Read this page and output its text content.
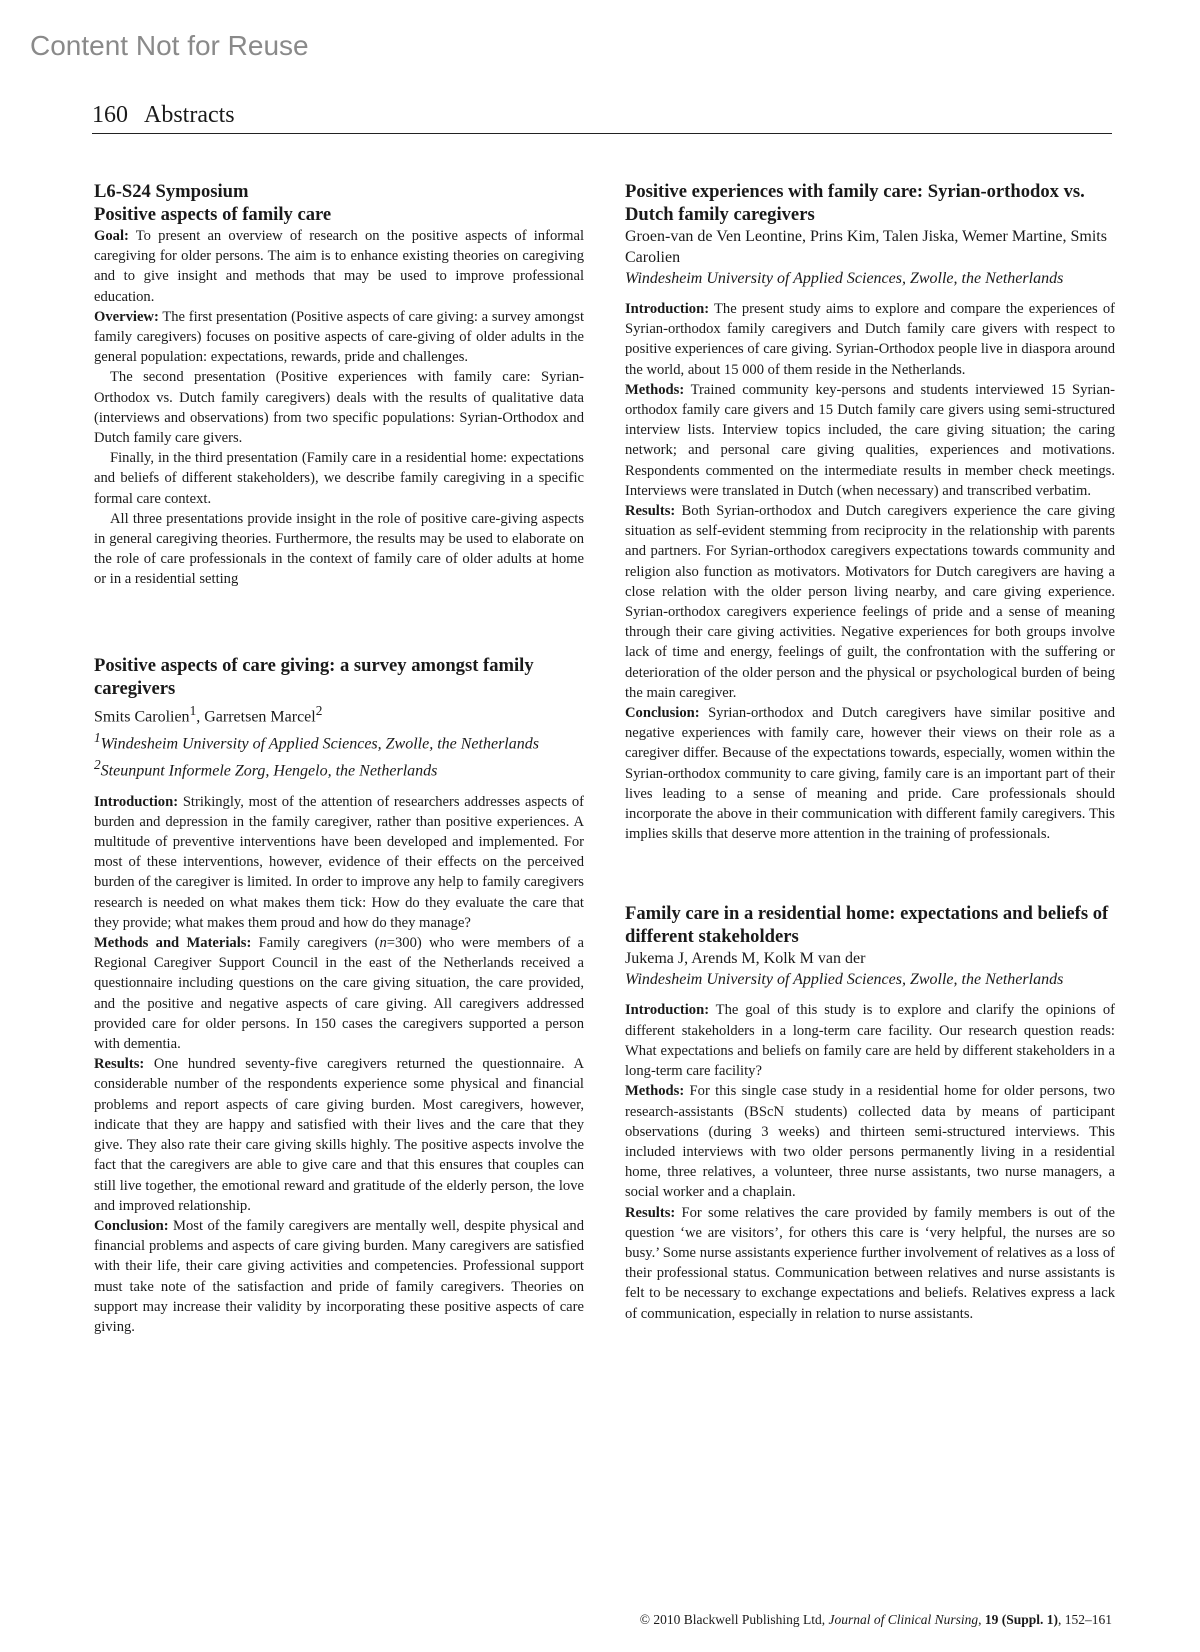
Content Not for Reuse
160 Abstracts

L6-S24 Symposium

Positive aspects of family care

Goal: To present an overview of research on the positive aspects of informal caregiving for older persons. The aim is to enhance existing theories on caregiving and to give insight and methods that may be used to improve professional education.

Overview: The first presentation (Positive aspects of care giving: a survey amongst family caregivers) focuses on positive aspects of care-giving of older adults in the general population: expectations, rewards, pride and challenges.

The second presentation (Positive experiences with family care: Syrian-Orthodox vs. Dutch family caregivers) deals with the results of qualitative data (interviews and observations) from two specific populations: Syrian-Orthodox and Dutch family care givers.

Finally, in the third presentation (Family care in a residential home: expectations and beliefs of different stakeholders), we describe family caregiving in a specific formal care context.

All three presentations provide insight in the role of positive care-giving aspects in general caregiving theories. Furthermore, the results may be used to elaborate on the role of care professionals in the context of family care of older adults at home or in a residential setting

Positive aspects of care giving: a survey amongst family caregivers

Smits Carolien$^1$, Garretsen Marcel$^2$

$^1$Windesheim University of Applied Sciences, Zwolle, the Netherlands

$^2$Steunpunt Informele Zorg, Hengelo, the Netherlands

Introduction: Strikingly, most of the attention of researchers addresses aspects of burden and depression in the family caregiver, rather than positive experiences. A multitude of preventive interventions have been developed and implemented. For most of these interventions, however, evidence of their effects on the perceived burden of the caregiver is limited. In order to improve any help to family caregivers research is needed on what makes them tick: How do they evaluate the care that they provide; what makes them proud and how do they manage?

Methods and Materials: Family caregivers (n=300) who were members of a Regional Caregiver Support Council in the east of the Netherlands received a questionnaire including questions on the care giving situation, the care provided, and the positive and negative aspects of care giving. All caregivers addressed provided care for older persons. In 150 cases the caregivers supported a person with dementia.

Results: One hundred seventy-five caregivers returned the questionnaire. A considerable number of the respondents experience some physical and financial problems and report aspects of care giving burden. Most caregivers, however, indicate that they are happy and satisfied with their lives and the care that they give. They also rate their care giving skills highly. The positive aspects involve the fact that the caregivers are able to give care and that this ensures that couples can still live together, the emotional reward and gratitude of the elderly person, the love and improved relationship.

Conclusion: Most of the family caregivers are mentally well, despite physical and financial problems and aspects of care giving burden. Many caregivers are satisfied with their life, their care giving activities and competencies. Professional support must take note of the satisfaction and pride of family caregivers. Theories on support may increase their validity by incorporating these positive aspects of care giving.

Positive experiences with family care: Syrian-orthodox vs. Dutch family caregivers

Groen-van de Ven Leontine, Prins Kim, Talen Jiska, Wemer Martine, Smits Carolien

Windesheim University of Applied Sciences, Zwolle, the Netherlands

Introduction: The present study aims to explore and compare the experiences of Syrian-orthodox family caregivers and Dutch family care givers with respect to positive experiences of care giving. Syrian-Orthodox people live in diaspora around the world, about 15 000 of them reside in the Netherlands.

Methods: Trained community key-persons and students interviewed 15 Syrian-orthodox family care givers and 15 Dutch family care givers using semi-structured interview lists. Interview topics included, the care giving situation; the caring network; and personal care giving qualities, experiences and motivations. Respondents commented on the intermediate results in member check meetings. Interviews were translated in Dutch (when necessary) and transcribed verbatim.

Results: Both Syrian-orthodox and Dutch caregivers experience the care giving situation as self-evident stemming from reciprocity in the relationship with parents and partners. For Syrian-orthodox caregivers expectations towards community and religion also function as motivators. Motivators for Dutch caregivers are having a close relation with the older person living nearby, and care giving experience. Syrian-orthodox caregivers experience feelings of pride and a sense of meaning through their care giving activities. Negative experiences for both groups involve lack of time and energy, feelings of guilt, the confrontation with the suffering or deterioration of the older person and the physical or psychological burden of being the main caregiver.

Conclusion: Syrian-orthodox and Dutch caregivers have similar positive and negative experiences with family care, however their views on their role as a caregiver differ. Because of the expectations towards, especially, women within the Syrian-orthodox community to care giving, family care is an important part of their lives leading to a sense of meaning and pride. Care professionals should incorporate the above in their communication with different family caregivers. This implies skills that deserve more attention in the training of professionals.

Family care in a residential home: expectations and beliefs of different stakeholders

Jukema J, Arends M, Kolk M van der

Windesheim University of Applied Sciences, Zwolle, the Netherlands

Introduction: The goal of this study is to explore and clarify the opinions of different stakeholders in a long-term care facility. Our research question reads: What expectations and beliefs on family care are held by different stakeholders in a long-term care facility?

Methods: For this single case study in a residential home for older persons, two research-assistants (BScN students) collected data by means of participant observations (during 3 weeks) and thirteen semi-structured interviews. This included interviews with two older persons permanently living in a residential home, three relatives, a volunteer, three nurse assistants, two nurse managers, a social worker and a chaplain.

Results: For some relatives the care provided by family members is out of the question ‘we are visitors’, for others this care is ‘very helpful, the nurses are so busy.’ Some nurse assistants experience further involvement of relatives as a loss of their professional status. Communication between relatives and nurse assistants is felt to be necessary to exchange expectations and beliefs. Relatives express a lack of communication, especially in relation to nurse assistants.

© 2010 Blackwell Publishing Ltd, Journal of Clinical Nursing, 19 (Suppl. 1), 152–161
